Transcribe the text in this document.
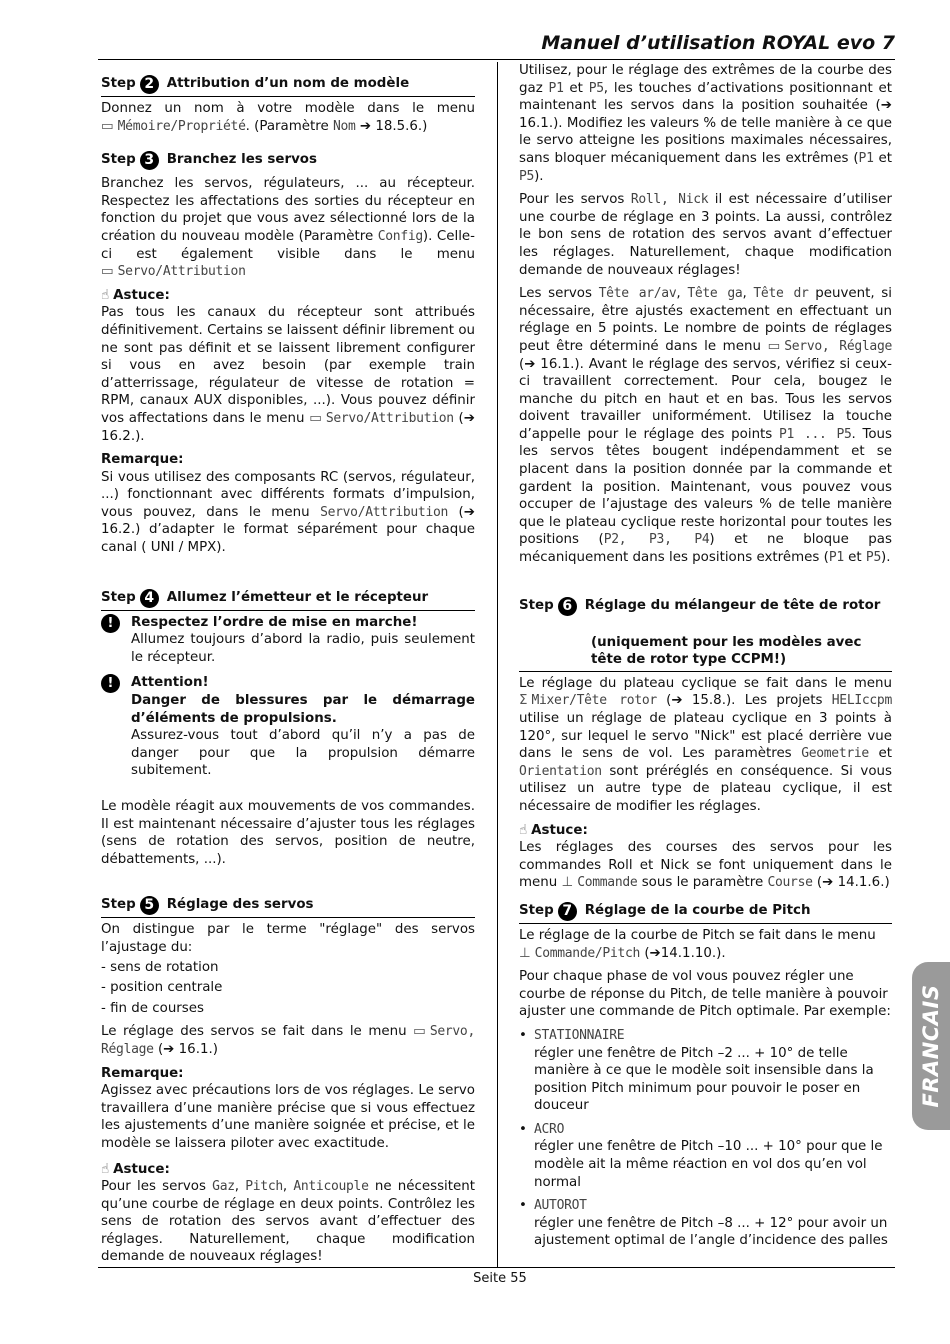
Manuel d’utilisation ROYAL evo 7
Seite 55
FRANCAIS
Step 2 Attribution d’un nom de modèle

Donnez un nom à votre modèle dans le menu ▭ Mémoire/Propriété. (Paramètre Nom ➔ 18.5.6.)

Step 3 Branchez les servos

Branchez les servos, régulateurs, ... au récepteur. Respectez les affectations des sorties du récepteur en fonction du projet que vous avez sélectionné lors de la création du nouveau modèle (Paramètre Config). Celle-ci est également visible dans le menu ▭ Servo/Attribution

☝ Astuce:

Pas tous les canaux du récepteur sont attribués définitivement. Certains se laissent définir librement ou ne sont pas définit et se laissent librement configurer si vous en avez besoin (par exemple train d’atterrissage, régulateur de vitesse de rotation = RPM, canaux AUX disponibles, ...). Vous pouvez définir vos affectations dans le menu ▭ Servo/Attribution (➔ 16.2.).

Remarque:

Si vous utilisez des composants RC (servos, régulateur, ...) fonctionnant avec différents formats d’impulsion, vous pouvez, dans le menu Servo/Attribution (➔ 16.2.) d’adapter le format séparément pour chaque canal ( UNI / MPX).

Step 4 Allumez l’émetteur et le récepteur
!	Respectez l’ordre de mise en marche!

Allumez toujours d’abord la radio, puis seulement le récepteur.

!	Attention!

Danger de blessures par le démarrage d’éléments de propulsions.

Assurez-vous tout d’abord qu’il n’y a pas de danger pour que la propulsion démarre subitement.

Le modèle réagit aux mouvements de vos commandes. Il est maintenant nécessaire d’ajuster tous les réglages (sens de rotation des servos, position de neutre, débattements, ...).

Step 5 Réglage des servos

On distingue par le terme "réglage" des servos l’ajustage du:

- sens de rotation

- position centrale

- fin de courses

Le réglage des servos se fait dans le menu ▭ Servo, Réglage (➔ 16.1.)

Remarque:

Agissez avec précautions lors de vos réglages. Le servo travaillera d’une manière précise que si vous effectuez les ajustements d’une manière soignée et précise, et le modèle se laissera piloter avec exactitude.

☝ Astuce:

Pour les servos Gaz, Pitch, Anticouple ne nécessitent qu’une courbe de réglage en deux points. Contrôlez les sens de rotation des servos avant d’effectuer des réglages. Naturellement, chaque modification demande de nouveaux réglages!

Utilisez, pour le réglage des extrêmes de la courbe des gaz P1 et P5, les touches d’activations positionnant et maintenant les servos dans la position souhaitée (➔ 16.1.). Modifiez les valeurs % de telle manière à ce que le servo atteigne les positions maximales nécessaires, sans bloquer mécaniquement dans les extrêmes (P1 et P5).

Pour les servos Roll, Nick il est nécessaire d’utiliser une courbe de réglage en 3 points. La aussi, contrôlez le bon sens de rotation des servos avant d’effectuer les réglages. Naturellement, chaque modification demande de nouveaux réglages!

Les servos Tête ar/av, Tête ga, Tête dr peuvent, si nécessaire, être ajustés exactement en effectuant un réglage en 5 points. Le nombre de points de réglages peut être déterminé dans le menu ▭ Servo, Réglage (➔ 16.1.). Avant le réglage des servos, vérifiez si ceux-ci travaillent correctement. Pour cela, bougez le manche du pitch en haut et en bas. Tous les servos doivent travailler uniformément. Utilisez la touche d’appelle pour le réglage des points P1 ... P5. Tous les servos têtes bougent indépendamment et se placent dans la position donnée par la commande et gardent la position. Maintenant, vous pouvez vous occuper de l’ajustage des valeurs % de telle manière que le plateau cyclique reste horizontal pour toutes les positions (P2, P3, P4) et ne bloque pas mécaniquement dans les positions extrêmes (P1 et P5).

Step 6 Réglage du mélangeur de tête de rotor
(uniquement pour les modèles avec tête de rotor type CCPM!)

Le réglage du plateau cyclique se fait dans le menu Σ Mixer/Tête rotor (➔ 15.8.). Les projets HELIccpm utilise un réglage de plateau cyclique en 3 points à 120°, sur lequel le servo "Nick" est placé derrière vue dans le sens de vol. Les paramètres Geometrie et Orientation sont préréglés en conséquence. Si vous utilisez un autre type de plateau cyclique, il est nécessaire de modifier les réglages.

☝ Astuce:

Les réglages des courses des servos pour les commandes Roll et Nick se font uniquement dans le menu ⊥ Commande sous le paramètre Course (➔ 14.1.6.)

Step 7 Réglage de la courbe de Pitch

Le réglage de la courbe de Pitch se fait dans le menu
⊥ Commande/Pitch (➔14.1.10.).

Pour chaque phase de vol vous pouvez régler une courbe de réponse du Pitch, de telle manière à pouvoir ajuster une commande de Pitch optimale. Par exemple:

• STATIONNAIRE
régler une fenêtre de Pitch –2 ... + 10° de telle manière à ce que le modèle soit insensible dans la position Pitch minimum pour pouvoir le poser en douceur
• ACRO
régler une fenêtre de Pitch –10 ... + 10° pour que le modèle ait la même réaction en vol dos qu’en vol normal
• AUTOROT
régler une fenêtre de Pitch –8 ... + 12° pour avoir un ajustement optimal de l’angle d’incidence des palles
